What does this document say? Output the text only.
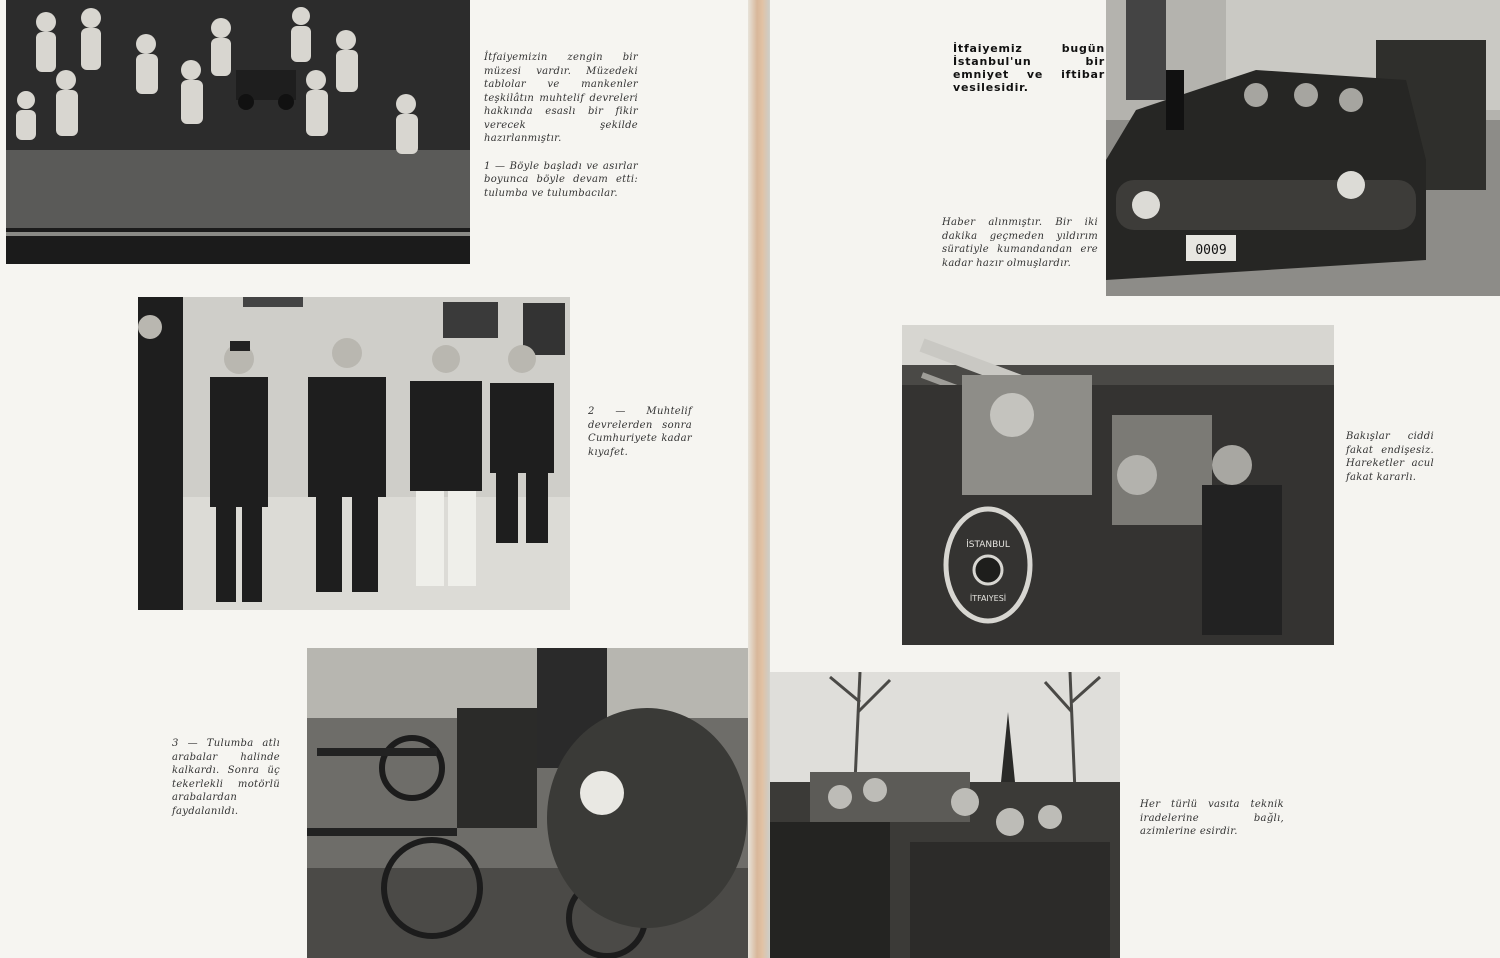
İtfaiyemizin zengin bir müzesi vardır. Müzedeki tablolar ve mankenler teşkilâtın muhtelif devreleri hakkında esaslı bir fikir verecek şekilde hazırlanmıştır.

1 — Böyle başladı ve asırlar boyunca böyle devam etti: tulumba ve tulumbacılar.

2 — Muhtelif devrelerden sonra Cumhuriyete kadar kıyafet.

3 — Tulumba atlı arabalar halinde kalkardı. Sonra üç tekerlekli motörlü arabalardan faydalanıldı.

İtfaiyemiz bugün İstanbul'un bir emniyet ve iftibar vesilesidir.

0009

Haber alınmıştır. Bir iki dakika geçmeden yıldırım süratiyle kumandandan ere kadar hazır olmuşlardır.

İSTANBUL
İTFAIYESİ

Bakışlar ciddi fakat endişesiz. Hareketler acul fakat kararlı.

Her türlü vasıta teknik iradelerine bağlı, azimlerine esirdir.
